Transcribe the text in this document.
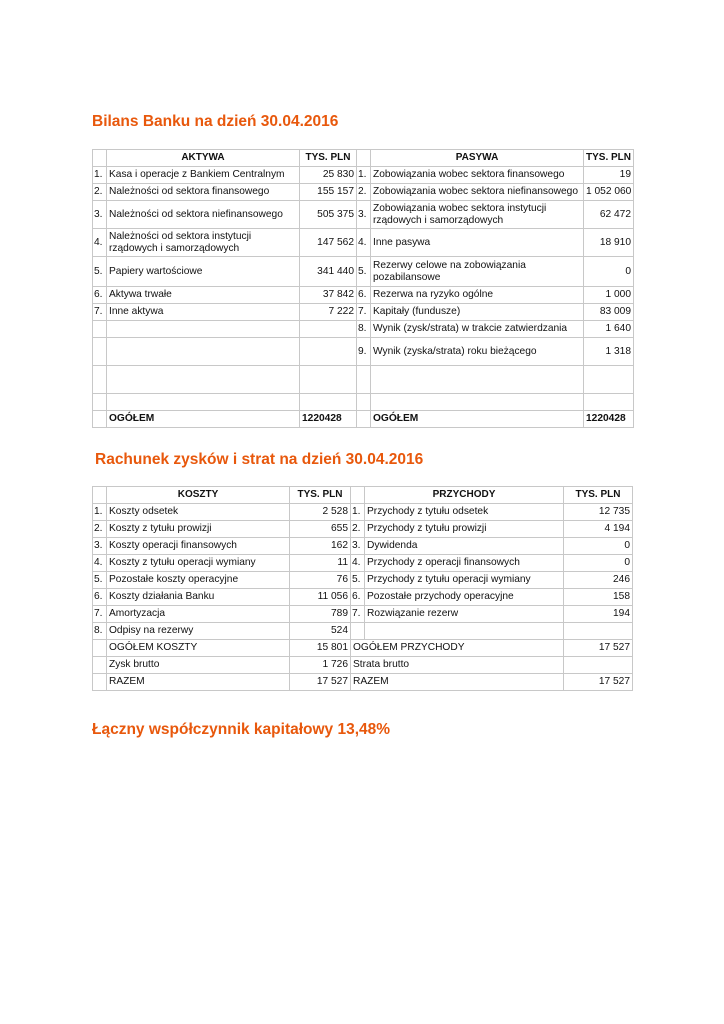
Bilans Banku na dzień 30.04.2016
	AKTYWA	TYS. PLN		PASYWA	TYS. PLN
1.	Kasa i operacje z Bankiem Centralnym	25 830	1.	Zobowiązania wobec sektora finansowego	19
2.	Należności od sektora finansowego	155 157	2.	Zobowiązania wobec sektora niefinansowego	1 052 060
3.	Należności od sektora niefinansowego	505 375	3.	Zobowiązania wobec sektora instytucji rządowych i samorządowych	62 472
4.	Należności od sektora instytucji rządowych i samorządowych	147 562	4.	Inne pasywa	18 910
5.	Papiery wartościowe	341 440	5.	Rezerwy celowe na zobowiązania pozabilansowe	0
6.	Aktywa trwałe	37 842	6.	Rezerwa na ryzyko ogólne	1 000
7.	Inne aktywa	7 222	7.	Kapitały (fundusze)	83 009
			8.	Wynik (zysk/strata) w trakcie zatwierdzania	1 640
			9.	Wynik (zyska/strata) roku bieżącego	1 318

	OGÓŁEM	1220428		OGÓŁEM	1220428
Rachunek zysków i strat na dzień 30.04.2016
	KOSZTY	TYS. PLN		PRZYCHODY	TYS. PLN
1.	Koszty odsetek	2 528	1.	Przychody z tytułu odsetek	12 735
2.	Koszty z tytułu prowizji	655	2.	Przychody z tytułu prowizji	4 194
3.	Koszty operacji finansowych	162	3.	Dywidenda	0
4.	Koszty z tytułu operacji wymiany	11	4.	Przychody z operacji finansowych	0
5.	Pozostałe koszty operacyjne	76	5.	Przychody z tytułu operacji wymiany	246
6.	Koszty działania Banku	11 056	6.	Pozostałe przychody operacyjne	158
7.	Amortyzacja	789	7.	Rozwiązanie rezerw	194
8.	Odpisy na rezerwy	524			
	OGÓŁEM KOSZTY	15 801	OGÓŁEM PRZYCHODY		17 527
	Zysk brutto	1 726	Strata brutto		
	RAZEM	17 527	RAZEM		17 527
Łączny współczynnik kapitałowy 13,48%
